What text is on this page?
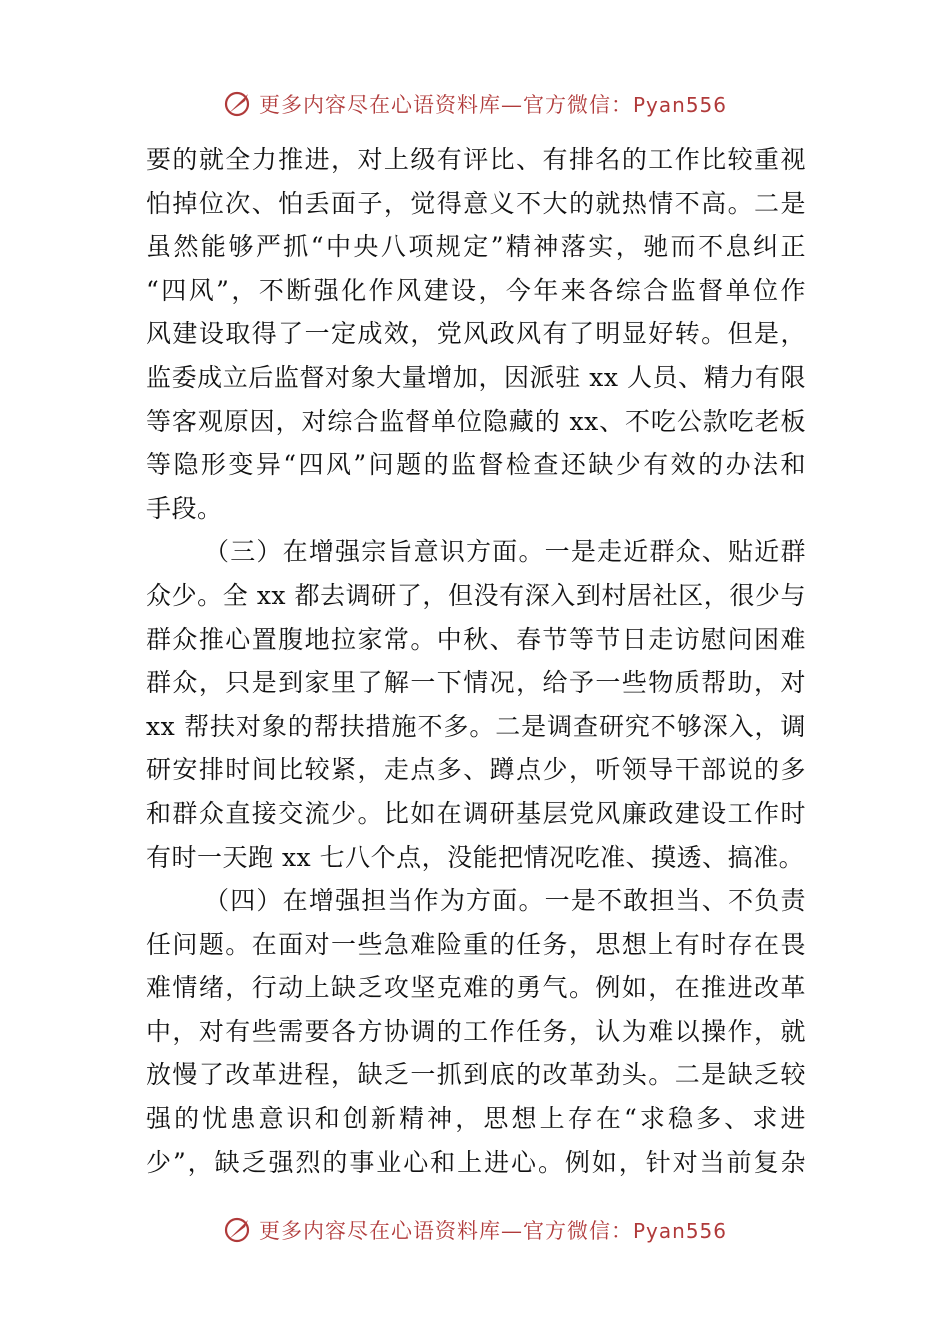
更多内容尽在心语资料库—官方微信：Pyan556
要的就全力推进，对上级有评比、有排名的工作比较重视
怕掉位次、怕丢面子，觉得意义不大的就热情不高。二是
虽然能够严抓“中央八项规定”精神落实，驰而不息纠正
“四风”，不断强化作风建设，今年来各综合监督单位作
风建设取得了一定成效，党风政风有了明显好转。但是，
监委成立后监督对象大量增加，因派驻 xx 人员、精力有限
等客观原因，对综合监督单位隐藏的 xx、不吃公款吃老板
等隐形变异“四风”问题的监督检查还缺少有效的办法和
手段。
（三）在增强宗旨意识方面。一是走近群众、贴近群
众少。全 xx 都去调研了，但没有深入到村居社区，很少与
群众推心置腹地拉家常。中秋、春节等节日走访慰问困难
群众，只是到家里了解一下情况，给予一些物质帮助，对
xx 帮扶对象的帮扶措施不多。二是调查研究不够深入，调
研安排时间比较紧，走点多、蹲点少，听领导干部说的多
和群众直接交流少。比如在调研基层党风廉政建设工作时
有时一天跑 xx 七八个点，没能把情况吃准、摸透、搞准。
（四）在增强担当作为方面。一是不敢担当、不负责
任问题。在面对一些急难险重的任务，思想上有时存在畏
难情绪，行动上缺乏攻坚克难的勇气。例如，在推进改革
中，对有些需要各方协调的工作任务，认为难以操作，就
放慢了改革进程，缺乏一抓到底的改革劲头。二是缺乏较
强的忧患意识和创新精神，思想上存在“求稳多、求进
少”，缺乏强烈的事业心和上进心。例如，针对当前复杂
更多内容尽在心语资料库—官方微信：Pyan556
